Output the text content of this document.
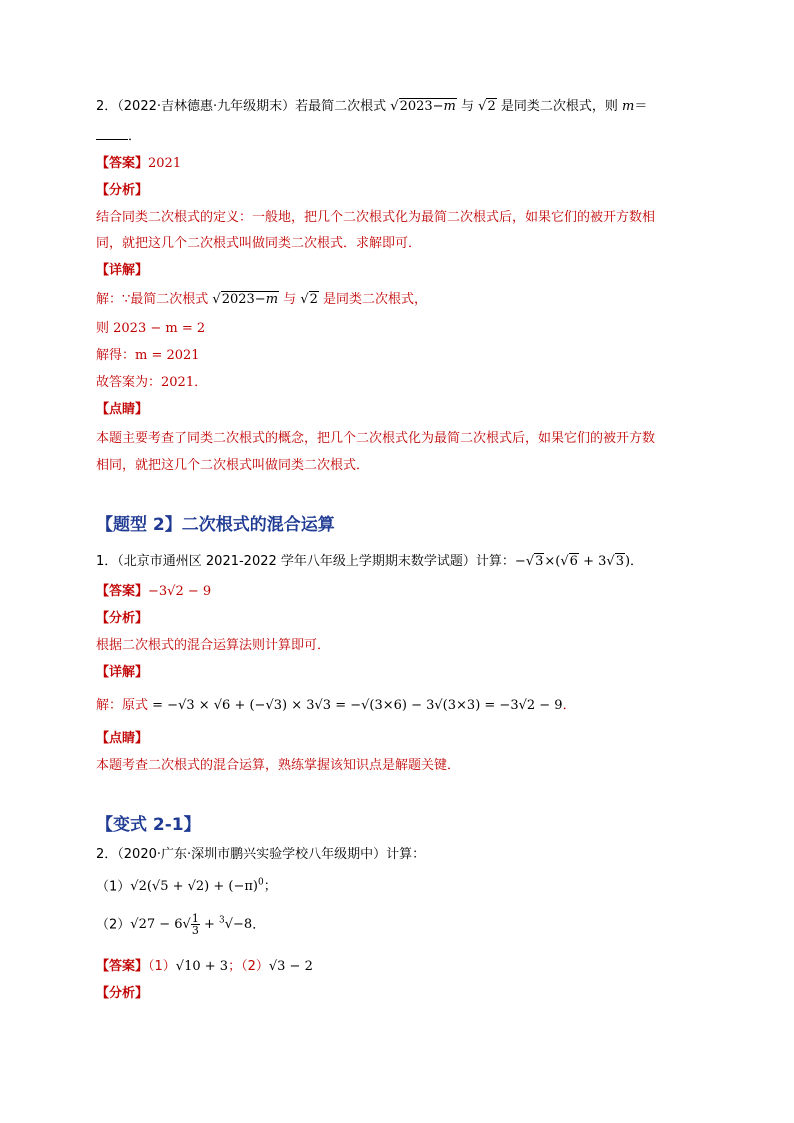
2．（2022·吉林德惠·九年级期末）若最简二次根式 √2023−m 与 √2 是同类二次根式，则 m＝
．
【答案】2021
【分析】
结合同类二次根式的定义：一般地，把几个二次根式化为最简二次根式后，如果它们的被开方数相
同，就把这几个二次根式叫做同类二次根式．求解即可．
【详解】
解：∵最简二次根式 √2023−m 与 √2 是同类二次根式，
则 2023 − m = 2
解得：m = 2021
故答案为：2021．
【点睛】
本题主要考查了同类二次根式的概念，把几个二次根式化为最简二次根式后，如果它们的被开方数
相同，就把这几个二次根式叫做同类二次根式．
【题型 2】二次根式的混合运算
1．（北京市通州区 2021-2022 学年八年级上学期期末数学试题）计算：−√3×(√6 + 3√3)．
【答案】−3√2 − 9
【分析】
根据二次根式的混合运算法则计算即可．
【详解】
解：原式 = −√3 × √6 + (−√3) × 3√3 = −√(3×6) − 3√(3×3) = −3√2 − 9．
【点睛】
本题考查二次根式的混合运算，熟练掌握该知识点是解题关键．
【变式 2-1】
2．（2020·广东·深圳市鹏兴实验学校八年级期中）计算：
$(1)√2(√5 + √2) + (-\pi)^0$；
$(2)√27 - 6√ \frac{1}{3} + ^3√-8$．
【答案】（1）√10 + 3；（2）√3 − 2
【分析】
